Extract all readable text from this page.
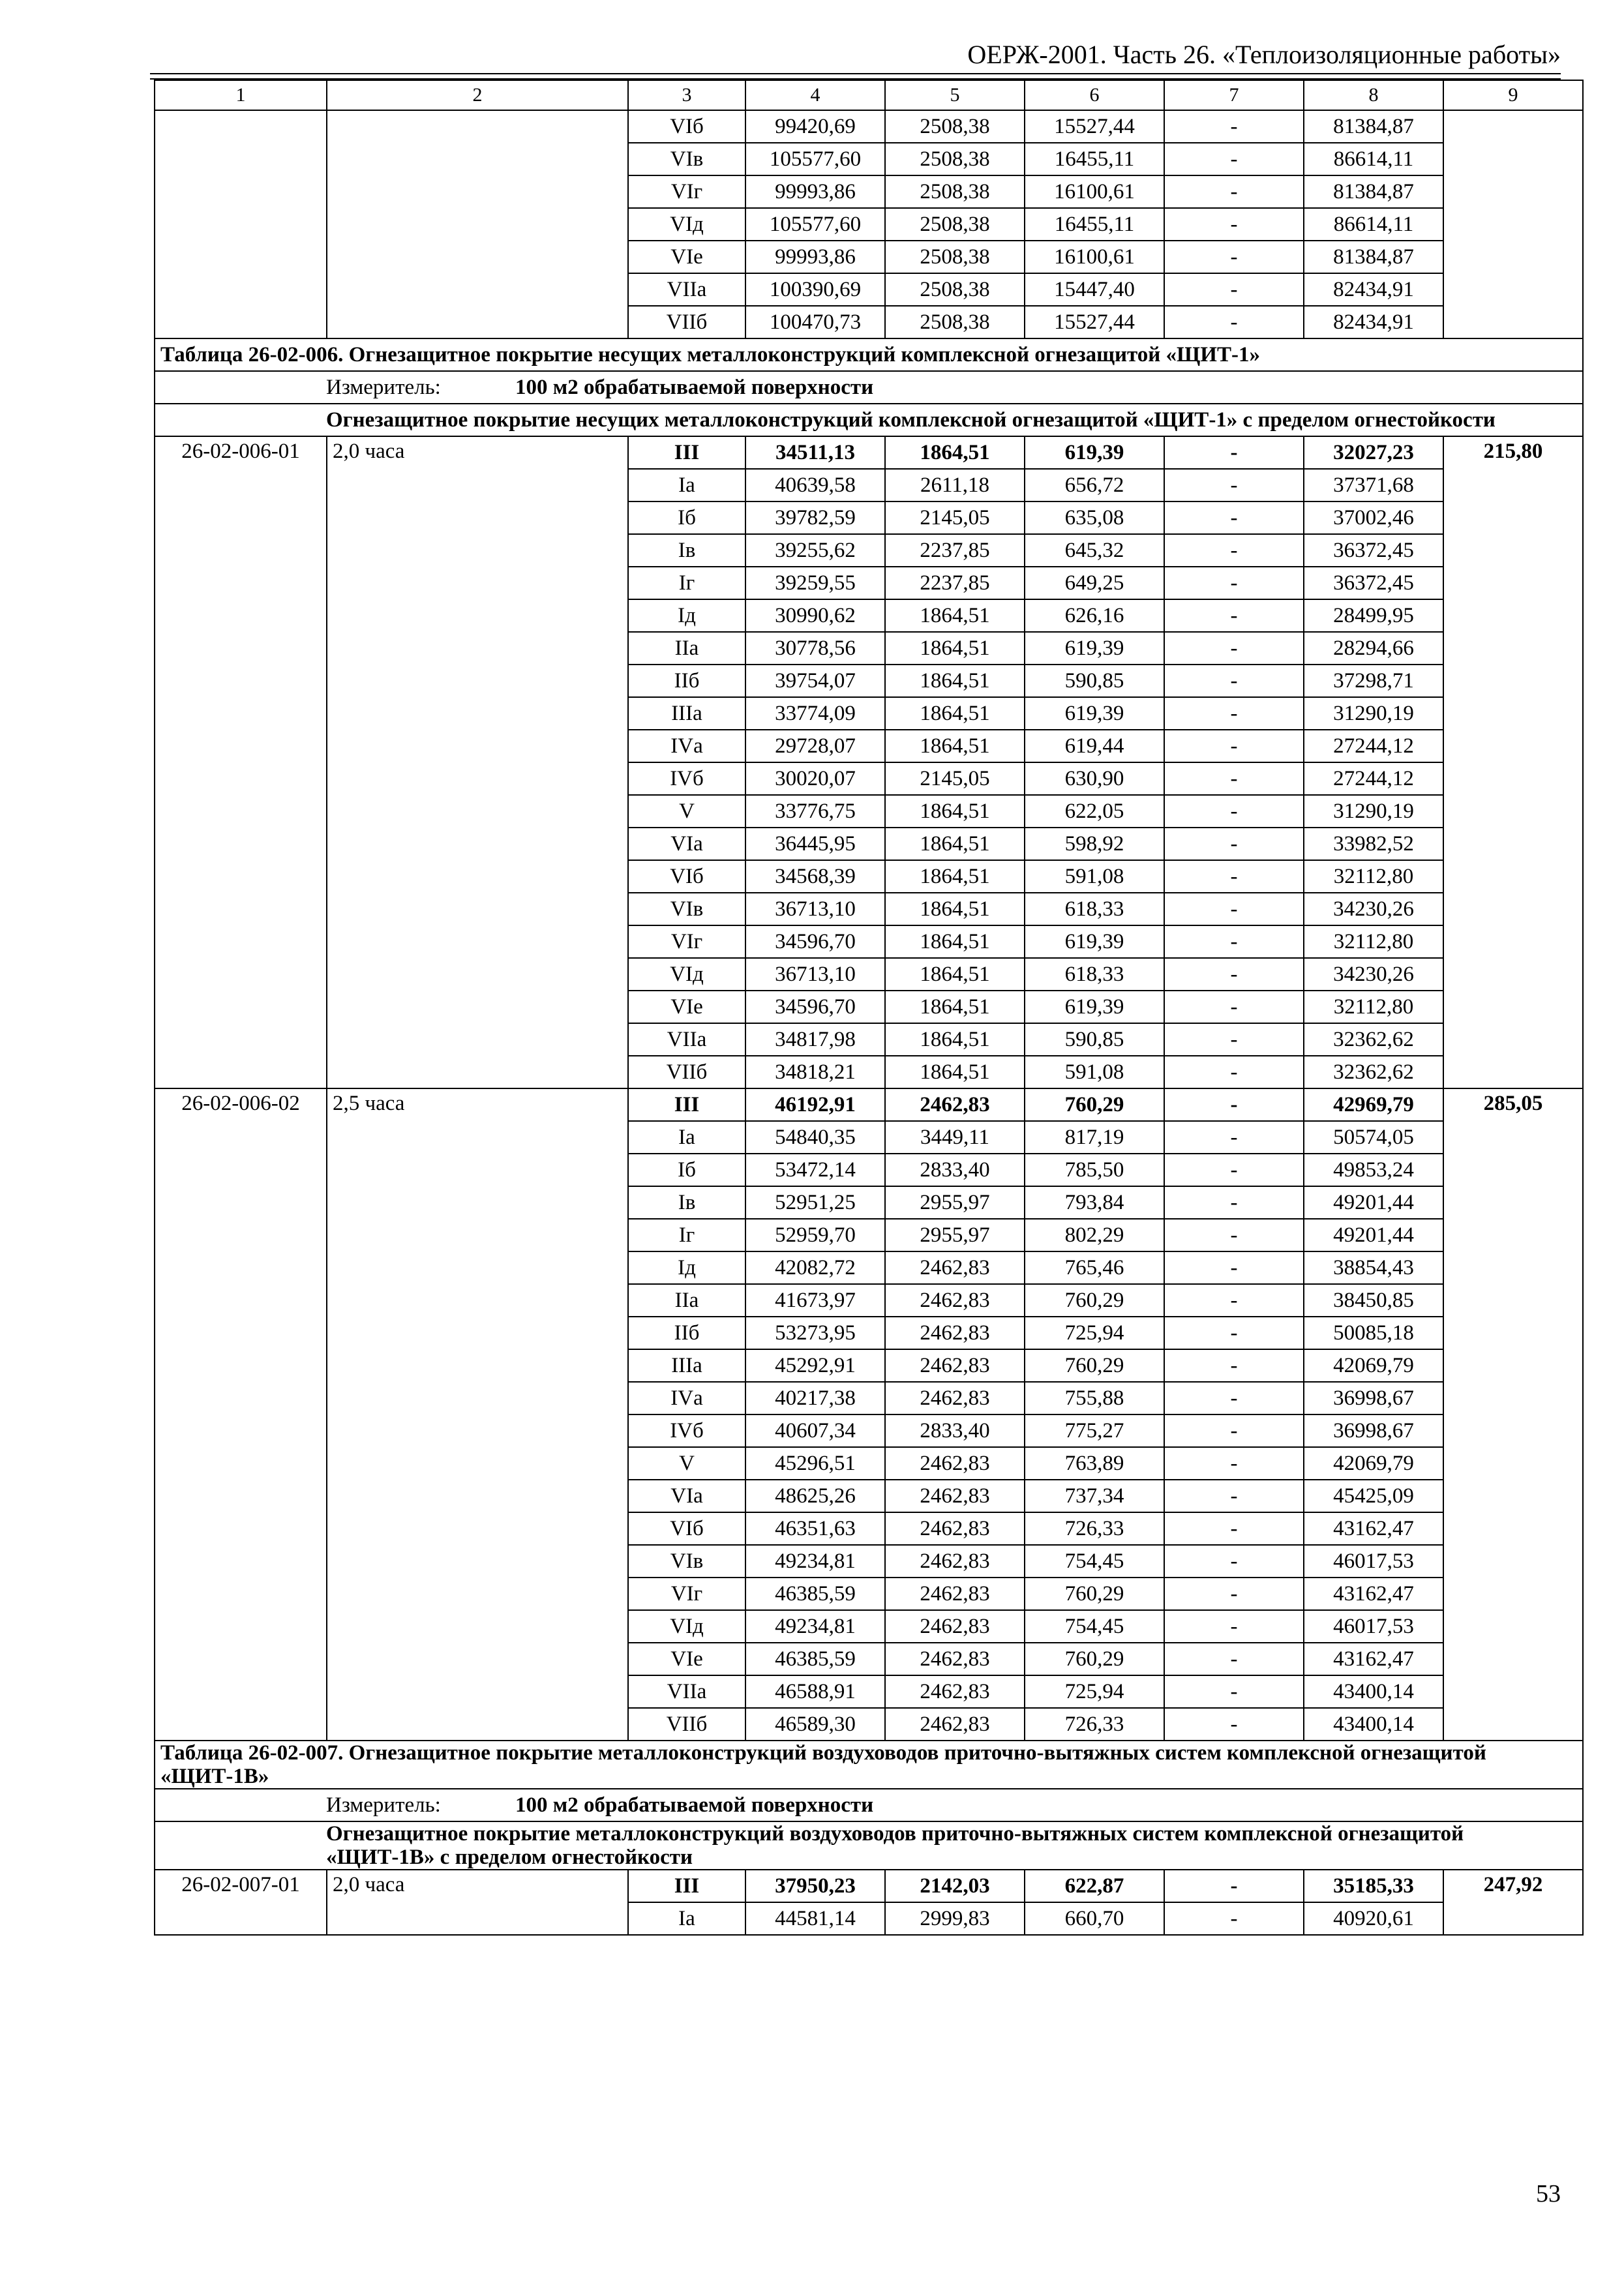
ОЕРЖ-2001. Часть 26. «Теплоизоляционные работы»
1	2	3	4	5	6	7	8	9
		VIб	99420,69	2508,38	15527,44	-	81384,87	
		VIв	105577,60	2508,38	16455,11	-	86614,11	
		VIг	99993,86	2508,38	16100,61	-	81384,87	
		VIд	105577,60	2508,38	16455,11	-	86614,11	
		VIе	99993,86	2508,38	16100,61	-	81384,87	
		VIIа	100390,69	2508,38	15447,40	-	82434,91	
		VIIб	100470,73	2508,38	15527,44	-	82434,91	
Таблица 26-02-006. Огнезащитное покрытие несущих металлоконструкций комплексной огнезащитой «ЩИТ-1»								
Измеритель: 100 м2 обрабатываемой поверхности								
Огнезащитное покрытие несущих металлоконструкций комплексной огнезащитой «ЩИТ-1» с пределом огнестойкости								
26-02-006-01	2,0 часа	III	34511,13	1864,51	619,39	-	32027,23	215,80
		Iа	40639,58	2611,18	656,72	-	37371,68	
		Iб	39782,59	2145,05	635,08	-	37002,46	
		Iв	39255,62	2237,85	645,32	-	36372,45	
		Iг	39259,55	2237,85	649,25	-	36372,45	
		Iд	30990,62	1864,51	626,16	-	28499,95	
		IIа	30778,56	1864,51	619,39	-	28294,66	
		IIб	39754,07	1864,51	590,85	-	37298,71	
		IIIа	33774,09	1864,51	619,39	-	31290,19	
		IVа	29728,07	1864,51	619,44	-	27244,12	
		IVб	30020,07	2145,05	630,90	-	27244,12	
		V	33776,75	1864,51	622,05	-	31290,19	
		VIа	36445,95	1864,51	598,92	-	33982,52	
		VIб	34568,39	1864,51	591,08	-	32112,80	
		VIв	36713,10	1864,51	618,33	-	34230,26	
		VIг	34596,70	1864,51	619,39	-	32112,80	
		VIд	36713,10	1864,51	618,33	-	34230,26	
		VIе	34596,70	1864,51	619,39	-	32112,80	
		VIIа	34817,98	1864,51	590,85	-	32362,62	
		VIIб	34818,21	1864,51	591,08	-	32362,62	
26-02-006-02	2,5 часа	III	46192,91	2462,83	760,29	-	42969,79	285,05
		Iа	54840,35	3449,11	817,19	-	50574,05	
		Iб	53472,14	2833,40	785,50	-	49853,24	
		Iв	52951,25	2955,97	793,84	-	49201,44	
		Iг	52959,70	2955,97	802,29	-	49201,44	
		Iд	42082,72	2462,83	765,46	-	38854,43	
		IIа	41673,97	2462,83	760,29	-	38450,85	
		IIб	53273,95	2462,83	725,94	-	50085,18	
		IIIа	45292,91	2462,83	760,29	-	42069,79	
		IVа	40217,38	2462,83	755,88	-	36998,67	
		IVб	40607,34	2833,40	775,27	-	36998,67	
		V	45296,51	2462,83	763,89	-	42069,79	
		VIа	48625,26	2462,83	737,34	-	45425,09	
		VIб	46351,63	2462,83	726,33	-	43162,47	
		VIв	49234,81	2462,83	754,45	-	46017,53	
		VIг	46385,59	2462,83	760,29	-	43162,47	
		VIд	49234,81	2462,83	754,45	-	46017,53	
		VIе	46385,59	2462,83	760,29	-	43162,47	
		VIIа	46588,91	2462,83	725,94	-	43400,14	
		VIIб	46589,30	2462,83	726,33	-	43400,14	
Таблица 26-02-007. Огнезащитное покрытие металлоконструкций воздуховодов приточно-вытяжных систем комплексной огнезащитой «ЩИТ-1В»								
Измеритель: 100 м2 обрабатываемой поверхности								
Огнезащитное покрытие металлоконструкций воздуховодов приточно-вытяжных систем комплексной огнезащитой «ЩИТ-1В» с пределом огнестойкости								
26-02-007-01	2,0 часа	III	37950,23	2142,03	622,87	-	35185,33	247,92
		Iа	44581,14	2999,83	660,70	-	40920,61	
53
